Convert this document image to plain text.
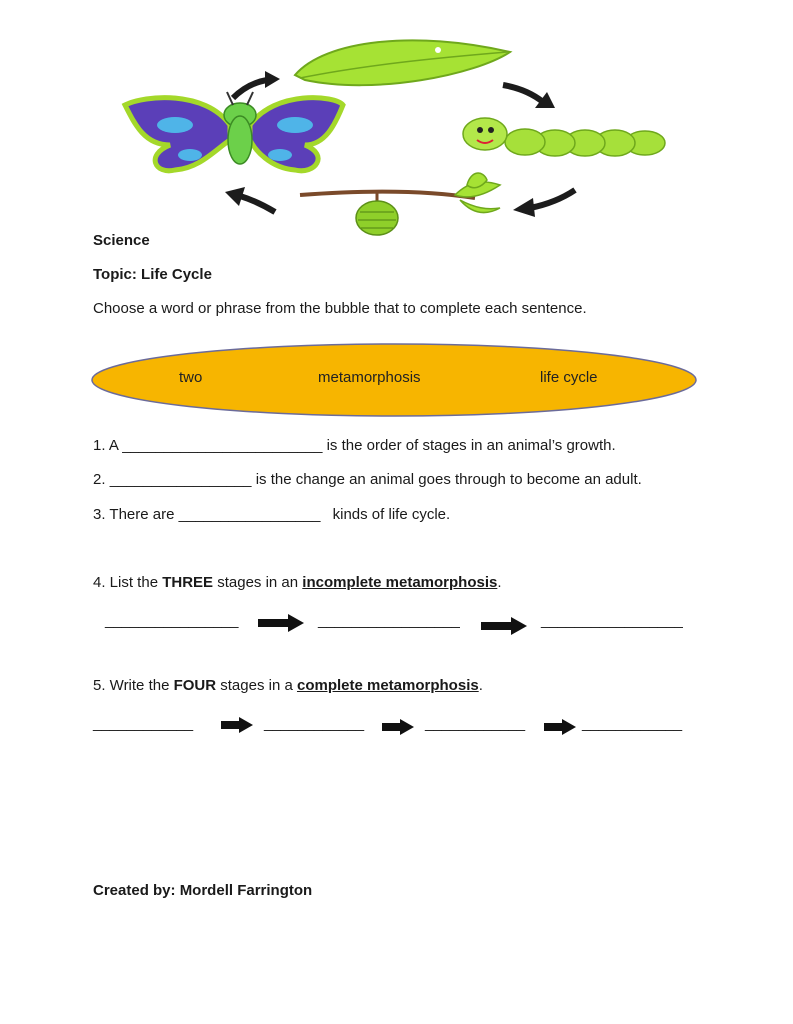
Science
Topic: Life Cycle
Choose a word or phrase from the bubble that to complete each sentence.
two	metamorphosis	life cycle
1. A ________________________ is the order of stages in an animal’s growth.
2. _________________ is the change an animal goes through to become an adult.
3. There are _________________ kinds of life cycle.
4. List the THREE stages in an incomplete metamorphosis.
________________	_________________	_________________
5. Write the FOUR stages in a complete metamorphosis.
____________	____________	____________	____________
Created by: Mordell Farrington
